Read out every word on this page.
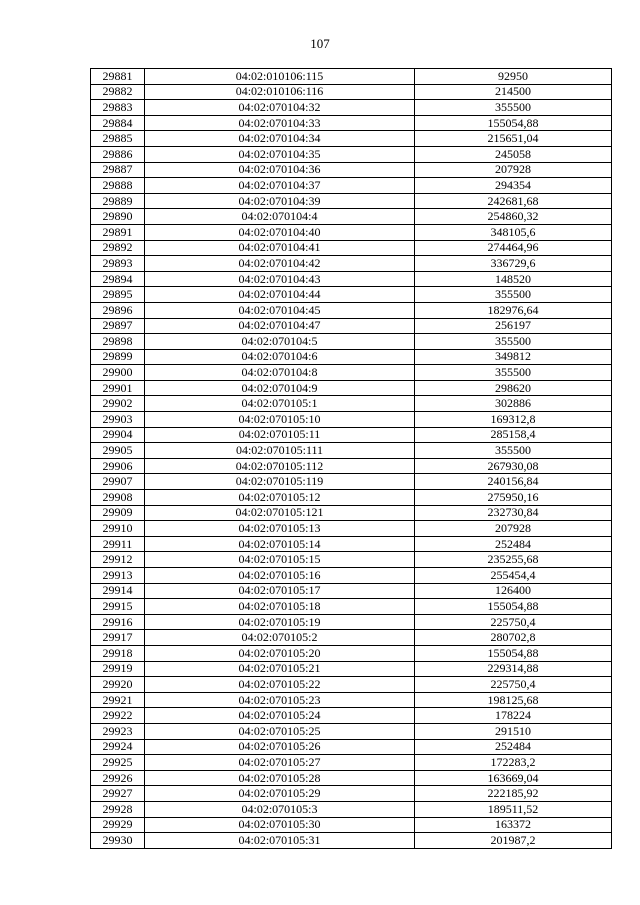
107
29881	04:02:010106:115	92950
29882	04:02:010106:116	214500
29883	04:02:070104:32	355500
29884	04:02:070104:33	155054,88
29885	04:02:070104:34	215651,04
29886	04:02:070104:35	245058
29887	04:02:070104:36	207928
29888	04:02:070104:37	294354
29889	04:02:070104:39	242681,68
29890	04:02:070104:4	254860,32
29891	04:02:070104:40	348105,6
29892	04:02:070104:41	274464,96
29893	04:02:070104:42	336729,6
29894	04:02:070104:43	148520
29895	04:02:070104:44	355500
29896	04:02:070104:45	182976,64
29897	04:02:070104:47	256197
29898	04:02:070104:5	355500
29899	04:02:070104:6	349812
29900	04:02:070104:8	355500
29901	04:02:070104:9	298620
29902	04:02:070105:1	302886
29903	04:02:070105:10	169312,8
29904	04:02:070105:11	285158,4
29905	04:02:070105:111	355500
29906	04:02:070105:112	267930,08
29907	04:02:070105:119	240156,84
29908	04:02:070105:12	275950,16
29909	04:02:070105:121	232730,84
29910	04:02:070105:13	207928
29911	04:02:070105:14	252484
29912	04:02:070105:15	235255,68
29913	04:02:070105:16	255454,4
29914	04:02:070105:17	126400
29915	04:02:070105:18	155054,88
29916	04:02:070105:19	225750,4
29917	04:02:070105:2	280702,8
29918	04:02:070105:20	155054,88
29919	04:02:070105:21	229314,88
29920	04:02:070105:22	225750,4
29921	04:02:070105:23	198125,68
29922	04:02:070105:24	178224
29923	04:02:070105:25	291510
29924	04:02:070105:26	252484
29925	04:02:070105:27	172283,2
29926	04:02:070105:28	163669,04
29927	04:02:070105:29	222185,92
29928	04:02:070105:3	189511,52
29929	04:02:070105:30	163372
29930	04:02:070105:31	201987,2
